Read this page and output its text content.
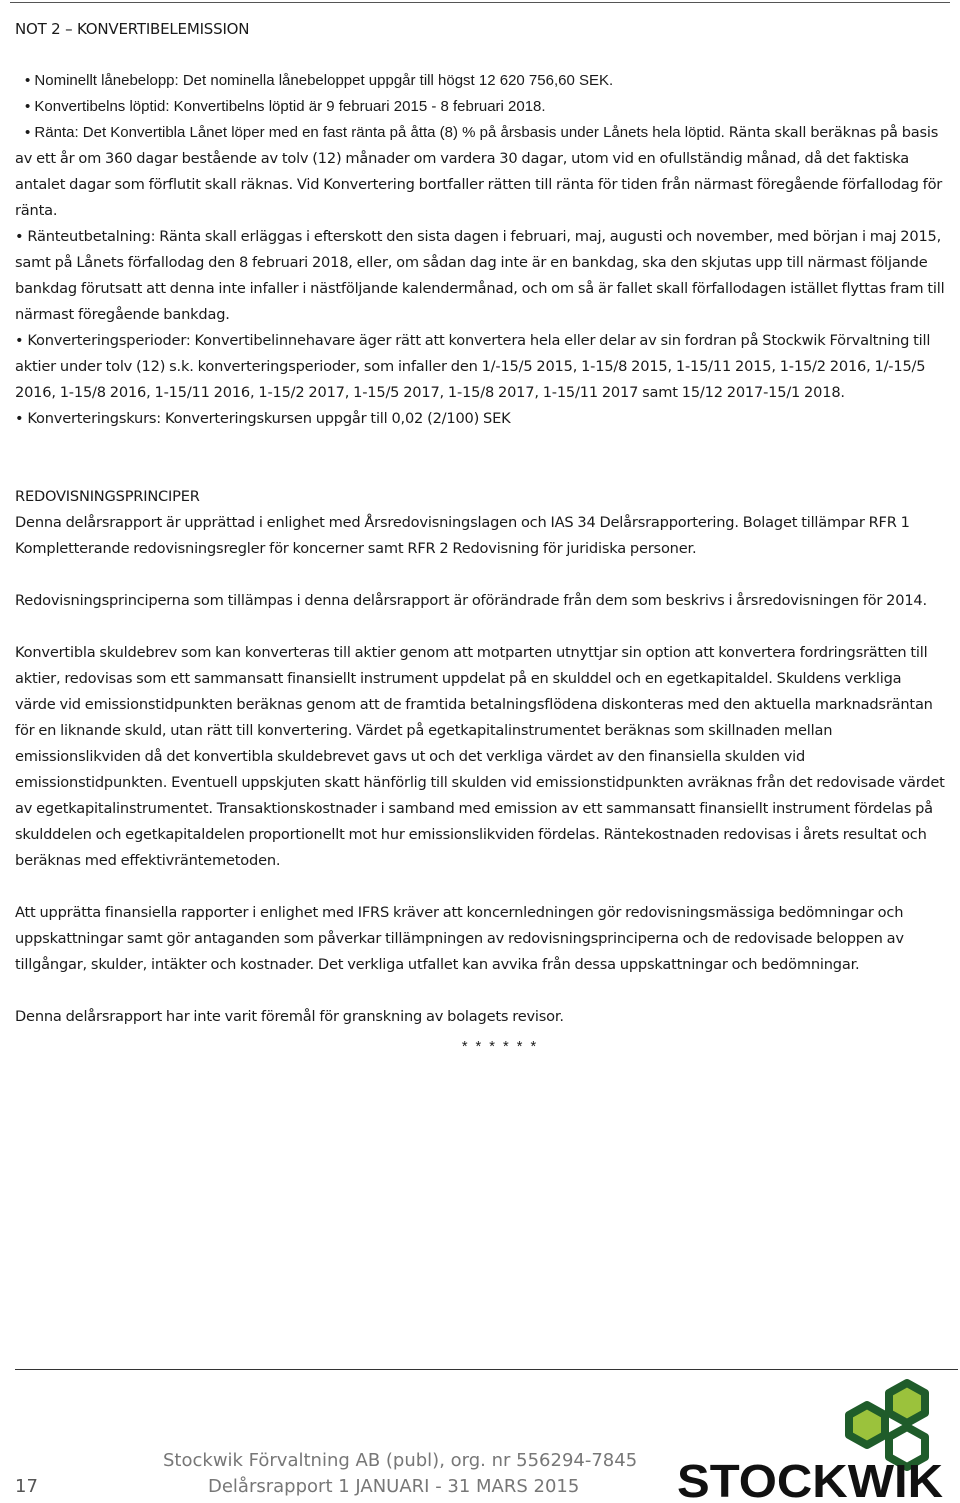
NOT 2 – KONVERTIBELEMISSION

• Nominellt lånebelopp: Det nominella lånebeloppet uppgår till högst 12 620 756,60 SEK.

• Konvertibelns löptid: Konvertibelns löptid är 9 februari 2015 - 8 februari 2018.

• Ränta: Det Konvertibla Lånet löper med en fast ränta på åtta (8) % på årsbasis under Lånets hela löptid. Ränta skall beräknas på basis av ett år om 360 dagar bestående av tolv (12) månader om vardera 30 dagar, utom vid en ofullständig månad, då det faktiska antalet dagar som förflutit skall räknas. Vid Konvertering bortfaller rätten till ränta för tiden från närmast föregående förfallodag för ränta.

• Ränteutbetalning: Ränta skall erläggas i efterskott den sista dagen i februari, maj, augusti och november, med början i maj 2015, samt på Lånets förfallodag den 8 februari 2018, eller, om sådan dag inte är en bankdag, ska den skjutas upp till närmast följande bankdag förutsatt att denna inte infaller i nästföljande kalendermånad, och om så är fallet skall förfallodagen istället flyttas fram till närmast föregående bankdag.

• Konverteringsperioder: Konvertibelinnehavare äger rätt att konvertera hela eller delar av sin fordran på Stockwik Förvaltning till aktier under tolv (12) s.k. konverteringsperioder, som infaller den 1/-15/5 2015, 1-15/8 2015, 1-15/11 2015, 1-15/2 2016, 1/-15/5 2016, 1-15/8 2016, 1-15/11 2016, 1-15/2 2017, 1-15/5 2017, 1-15/8 2017, 1-15/11 2017 samt 15/12 2017-15/1 2018.

• Konverteringskurs: Konverteringskursen uppgår till 0,02 (2/100) SEK

REDOVISNINGSPRINCIPER

Denna delårsrapport är upprättad i enlighet med Årsredovisningslagen och IAS 34 Delårsrapportering. Bolaget tillämpar RFR 1 Kompletterande redovisningsregler för koncerner samt RFR 2 Redovisning för juridiska personer.

Redovisningsprinciperna som tillämpas i denna delårsrapport är oförändrade från dem som beskrivs i årsredovisningen för 2014.

Konvertibla skuldebrev som kan konverteras till aktier genom att motparten utnyttjar sin option att konvertera fordringsrätten till aktier, redovisas som ett sammansatt finansiellt instrument uppdelat på en skulddel och en egetkapitaldel. Skuldens verkliga värde vid emissionstidpunkten beräknas genom att de framtida betalningsflödena diskonteras med den aktuella marknadsräntan för en liknande skuld, utan rätt till konvertering. Värdet på egetkapitalinstrumentet beräknas som skillnaden mellan emissionslikviden då det konvertibla skuldebrevet gavs ut och det verkliga värdet av den finansiella skulden vid emissionstidpunkten. Eventuell uppskjuten skatt hänförlig till skulden vid emissionstidpunkten avräknas från det redovisade värdet av egetkapitalinstrumentet. Transaktionskostnader i samband med emission av ett sammansatt finansiellt instrument fördelas på skulddelen och egetkapitaldelen proportionellt mot hur emissionslikviden fördelas. Räntekostnaden redovisas i årets resultat och beräknas med effektivräntemetoden.

Att upprätta finansiella rapporter i enlighet med IFRS kräver att koncernledningen gör redovisningsmässiga bedömningar och uppskattningar samt gör antaganden som påverkar tillämpningen av redovisningsprinciperna och de redovisade beloppen av tillgångar, skulder, intäkter och kostnader. Det verkliga utfallet kan avvika från dessa uppskattningar och bedömningar.

Denna delårsrapport har inte varit föremål för granskning av bolagets revisor.

* * * * * *

17
Stockwik Förvaltning AB (publ), org. nr 556294-7845
Delårsrapport 1 JANUARI - 31 MARS 2015 STOCKWIK
